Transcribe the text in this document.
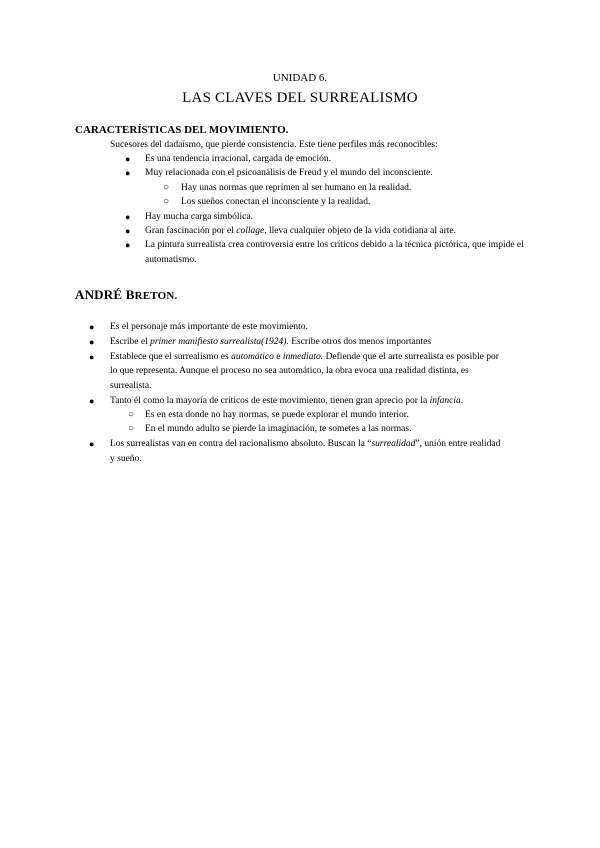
UNIDAD 6.
LAS CLAVES DEL SURREALISMO
CARACTERÍSTICAS DEL MOVIMIENTO.
Sucesores del dadaísmo, que pierde consistencia. Este tiene perfiles más reconocibles:
● Es una tendencia irracional, cargada de emoción.
● Muy relacionada con el psicoanálisis de Freud y el mundo del inconsciente.
○ Hay unas normas que reprimen al ser humano en la realidad.
○ Los sueños conectan el inconsciente y la realidad.
● Hay mucha carga simbólica.
● Gran fascinación por el collage, lleva cualquier objeto de la vida cotidiana al arte.
● La pintura surrealista crea controversia entre los críticos debido a la técnica pictórica, que impide el automatismo.
ANDRÉ BRETON.
● Es el personaje más importante de este movimiento.
● Escribe el primer manifiesto surrealista(1924). Escribe otros dos menos importantes
● Establece que el surrealismo es automático e inmediato. Defiende que el arte surrealista es posible por lo que representa. Aunque el proceso no sea automático, la obra evoca una realidad distinta, es surrealista.
● Tanto él como la mayoría de críticos de este movimiento, tienen gran aprecio por la infancia.
○ Es en esta donde no hay normas, se puede explorar el mundo interior.
○ En el mundo adulto se pierde la imaginación, te sometes a las normas.
● Los surrealistas van en contra del racionalismo absoluto. Buscan la “surrealidad”, unión entre realidad y sueño.
